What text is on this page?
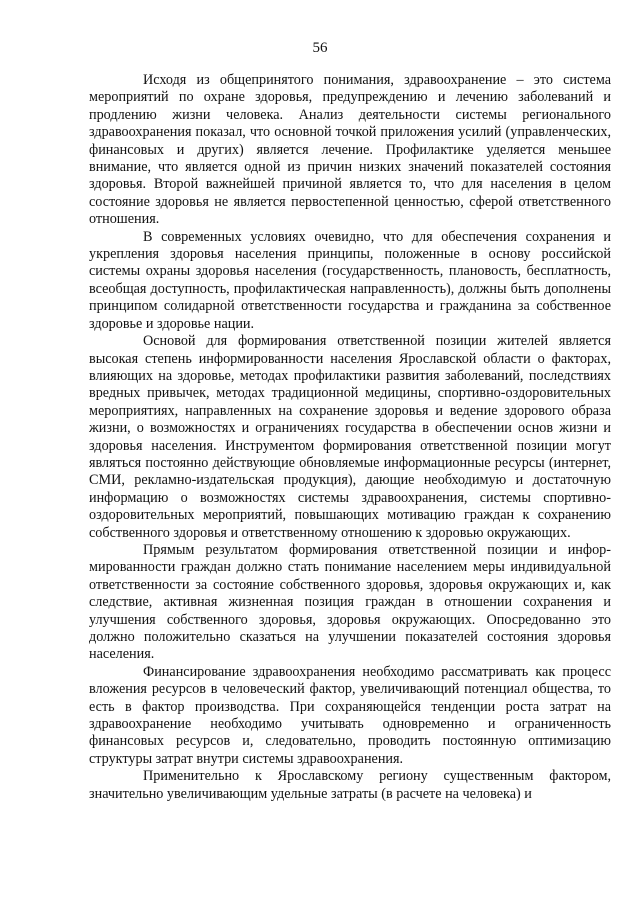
56

Исходя из общепринятого понимания, здравоохранение – это система мероприятий по охране здоровья, предупреждению и лечению заболеваний и продлению жизни человека. Анализ деятельности системы регионального здравоохранения показал, что основной точкой приложения усилий (управленческих, финансовых и других) является лечение. Профилактике уделяется меньшее внимание, что является одной из причин низких значений показателей состояния здоровья. Второй важнейшей причиной является то, что для населения в целом состояние здоровья не является первостепенной ценностью, сферой ответственного отношения.

В современных условиях очевидно, что для обеспечения сохранения и укрепления здоровья населения принципы, положенные в основу российской системы охраны здоровья населения (государственность, плановость, бесплатность, всеобщая доступность, профилактическая направленность), должны быть дополнены принципом солидарной ответственности государства и гражданина за собственное здоровье и здоровье нации.

Основой для формирования ответственной позиции жителей является высокая степень информированности населения Ярославской области о факторах, влияющих на здоровье, методах профилактики развития заболеваний, последствиях вредных привычек, методах традиционной медицины, спортивно-оздоровительных мероприятиях, направленных на сохранение здоровья и ведение здорового образа жизни, о возможностях и ограничениях государства в обеспечении основ жизни и здоровья населения. Инструментом формирования ответственной позиции могут являться постоянно действующие обновляемые информационные ресурсы (интернет, СМИ, рекламно-издательская продукция), дающие необходимую и достаточную информацию о возможностях системы здравоохранения, системы спортивно-оздоровительных мероприятий, повышающих мотивацию граждан к сохранению собственного здоровья и ответственному отношению к здоровью окружающих.

Прямым результатом формирования ответственной позиции и информированности граждан должно стать понимание населением меры индивидуальной ответственности за состояние собственного здоровья, здоровья окружающих и, как следствие, активная жизненная позиция граждан в отношении сохранения и улучшения собственного здоровья, здоровья окружающих. Опосредованно это должно положительно сказаться на улучшении показателей состояния здоровья населения.

Финансирование здравоохранения необходимо рассматривать как процесс вложения ресурсов в человеческий фактор, увеличивающий потенциал общества, то есть в фактор производства. При сохраняющейся тенденции роста затрат на здравоохранение необходимо учитывать одновременно и ограниченность финансовых ресурсов и, следовательно, проводить постоянную оптимизацию структуры затрат внутри системы здравоохранения.

Применительно к Ярославскому региону существенным фактором, значительно увеличивающим удельные затраты (в расчете на человека) и
